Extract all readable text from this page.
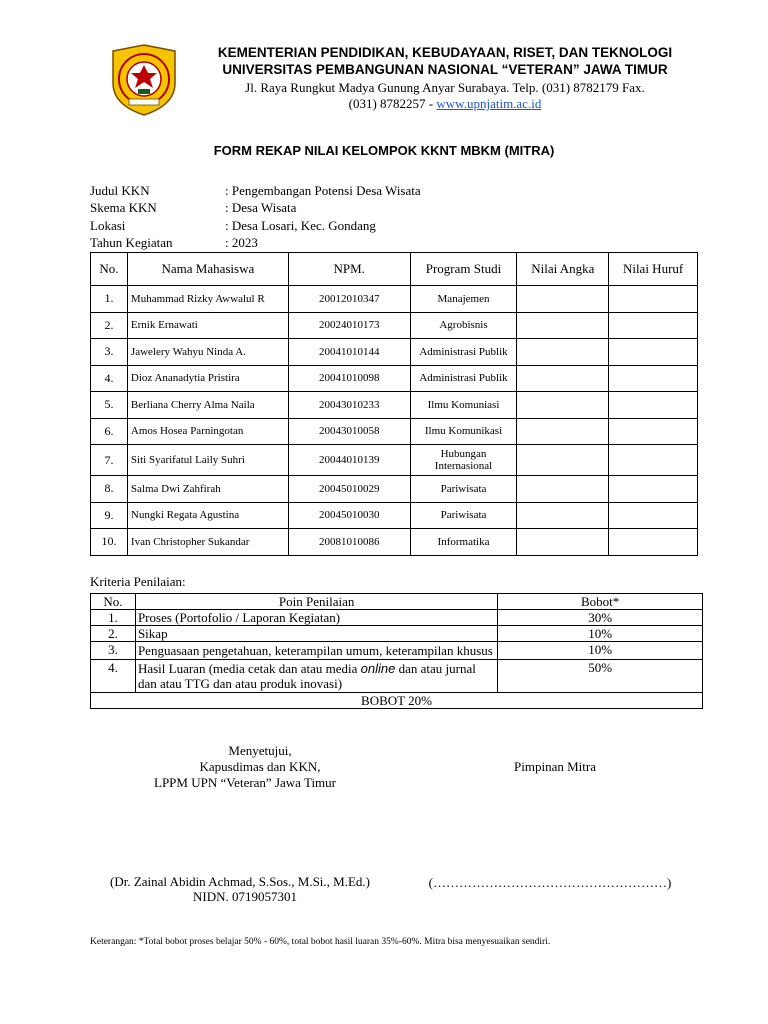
KEMENTERIAN PENDIDIKAN, KEBUDAYAAN, RISET, DAN TEKNOLOGI
UNIVERSITAS PEMBANGUNAN NASIONAL “VETERAN” JAWA TIMUR
Jl. Raya Rungkut Madya Gunung Anyar Surabaya. Telp. (031) 8782179 Fax.
(031) 8782257 - www.upnjatim.ac.id
FORM REKAP NILAI KELOMPOK KKNT MBKM (MITRA)
Judul KKN	: Pengembangan Potensi Desa Wisata
Skema KKN	: Desa Wisata
Lokasi	: Desa Losari, Kec. Gondang
Tahun Kegiatan	: 2023
No.	Nama Mahasiswa	NPM.	Program Studi	Nilai Angka	Nilai Huruf
1.	Muhammad Rizky Awwalul R	20012010347	Manajemen		
2.	Ernik Ernawati	20024010173	Agrobisnis		
3.	Jawelery Wahyu Ninda A.	20041010144	Administrasi Publik		
4.	Dioz Ananadytia Pristira	20041010098	Administrasi Publik		
5.	Berliana Cherry Alma Naila	20043010233	Ilmu Komuniasi		
6.	Amos Hosea Parningotan	20043010058	Ilmu Komunikasi		
7.	Siti Syarifatul Laily Suhri	20044010139	Hubungan Internasional		
8.	Salma Dwi Zahfirah	20045010029	Pariwisata		
9.	Nungki Regata Agustina	20045010030	Pariwisata		
10.	Ivan Christopher Sukandar	20081010086	Informatika		
Kriteria Penilaian:
No.	Poin Penilaian	Bobot*
1.	Proses (Portofolio / Laporan Kegiatan)	30%
2.	Sikap	10%
3.	Penguasaan pengetahuan, keterampilan umum, keterampilan khusus	10%
4.	Hasil Luaran (media cetak dan atau media online dan atau jurnal dan atau TTG dan atau produk inovasi)	50%
BOBOT 20%		
Menyetujui,
Kapusdimas dan KKN,
LPPM UPN “Veteran” Jawa Timur
Pimpinan Mitra
(Dr. Zainal Abidin Achmad, S.Sos., M.Si., M.Ed.)
NIDN. 0719057301
(………………………………………………)
Keterangan: *Total bobot proses belajar 50% - 60%, total bobot hasil luaran 35%-60%. Mitra bisa menyesuaikan sendiri.
